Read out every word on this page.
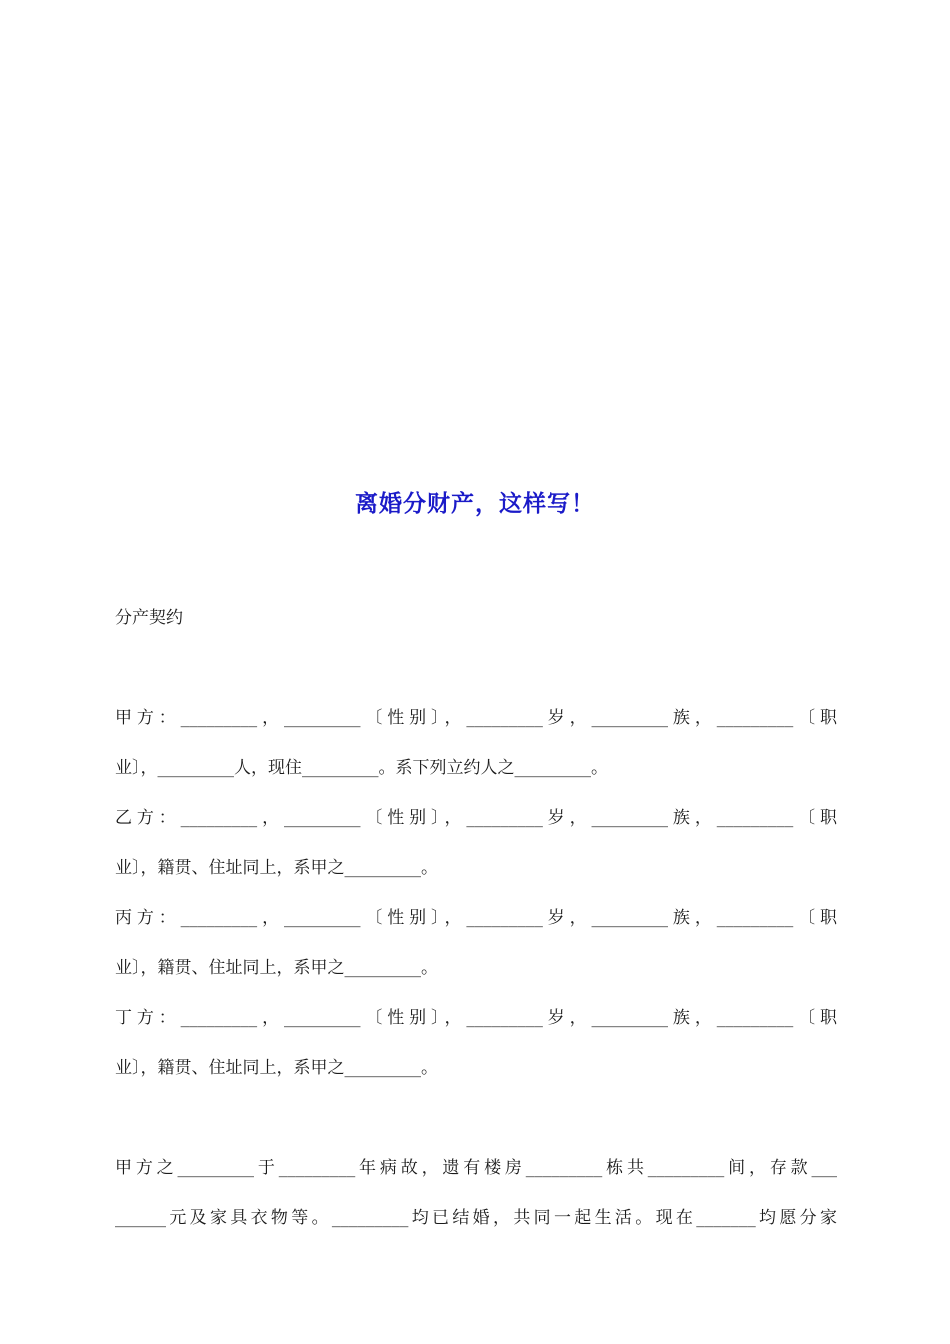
离婚分财产，这样写！
分产契约
甲方：_________，_________〔性别〕，_________岁，_________族，_________〔职
业〕，_________人，现住_________。系下列立约人之_________。
乙方：_________，_________〔性别〕，_________岁，_________族，_________〔职
业〕，籍贯、住址同上，系甲之_________。
丙方：_________，_________〔性别〕，_________岁，_________族，_________〔职
业〕，籍贯、住址同上，系甲之_________。
丁方：_________，_________〔性别〕，_________岁，_________族，_________〔职
业〕，籍贯、住址同上，系甲之_________。
甲方之_________于_________年病故，遗有楼房_________栋共_________间，存款___
______元及家具衣物等。_________均已结婚，共同一起生活。现在_______均愿分家
